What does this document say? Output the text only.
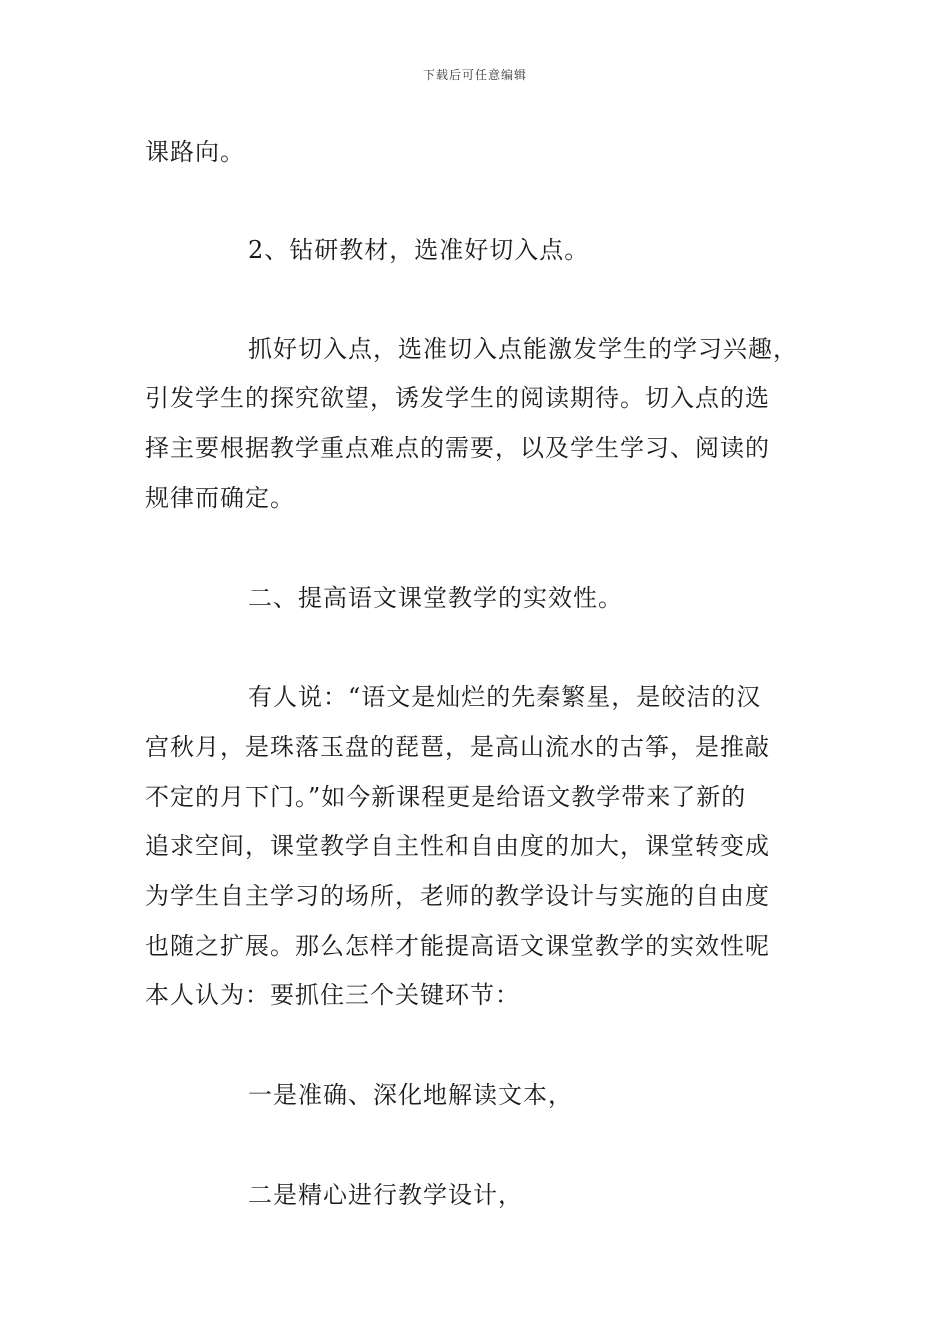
下载后可任意编辑
课路向。
2、钻研教材，选准好切入点。
抓好切入点，选准切入点能激发学生的学习兴趣，
引发学生的探究欲望，诱发学生的阅读期待。切入点的选
择主要根据教学重点难点的需要，以及学生学习、阅读的
规律而确定。
二、提高语文课堂教学的实效性。
有人说：“语文是灿烂的先秦繁星，是皎洁的汉
宫秋月，是珠落玉盘的琵琶，是高山流水的古筝，是推敲
不定的月下门。”如今新课程更是给语文教学带来了新的
追求空间，课堂教学自主性和自由度的加大，课堂转变成
为学生自主学习的场所，老师的教学设计与实施的自由度
也随之扩展。那么怎样才能提高语文课堂教学的实效性呢
本人认为：要抓住三个关键环节：
一是准确、深化地解读文本，
二是精心进行教学设计，
